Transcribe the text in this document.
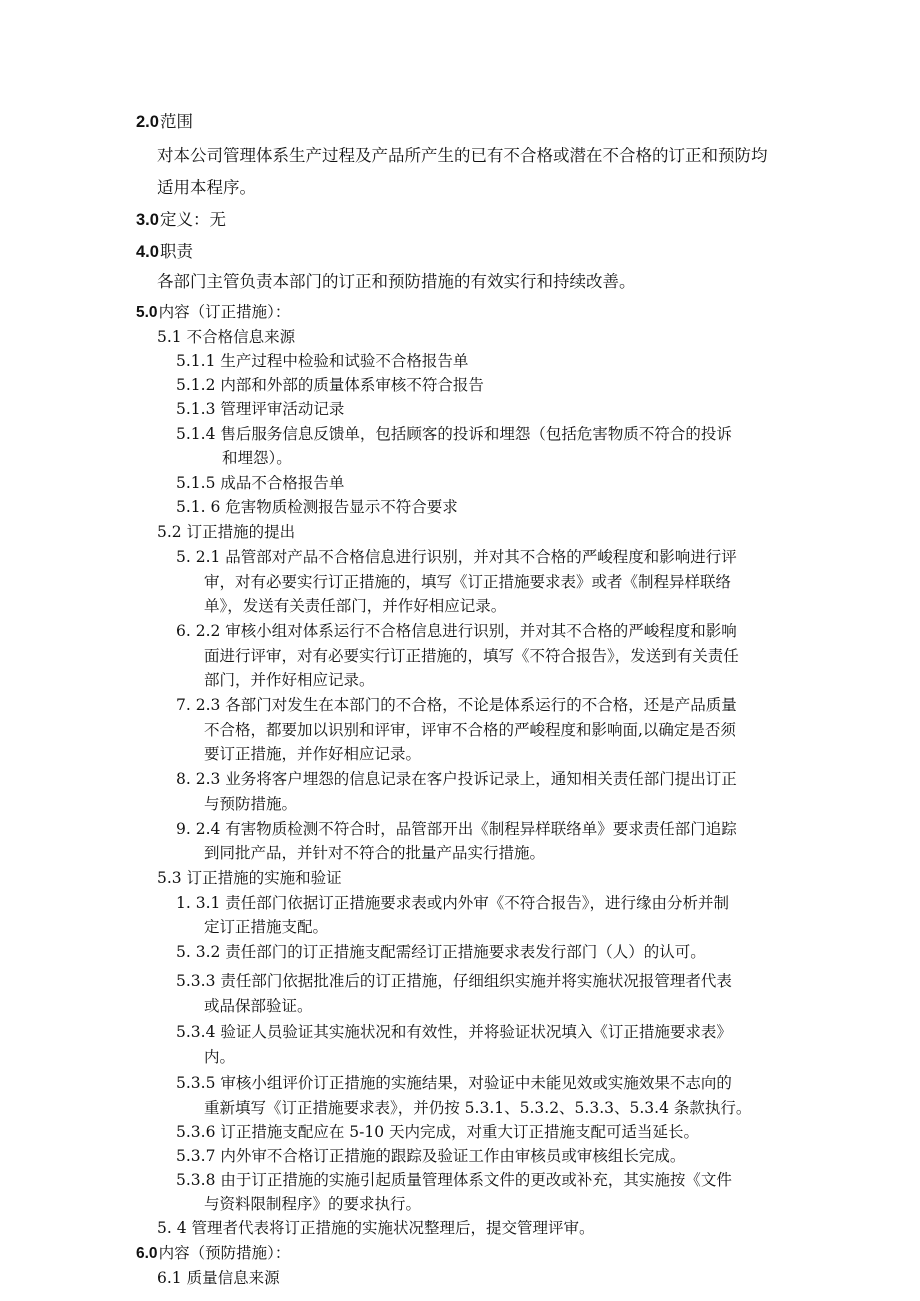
2.0范围
对本公司管理体系生产过程及产品所产生的已有不合格或潜在不合格的订正和预防均
适用本程序。
3.0定义：无
4.0职责
各部门主管负责本部门的订正和预防措施的有效实行和持续改善。
5.0内容（订正措施）：
5.1 不合格信息来源
5.1.1 生产过程中检验和试验不合格报告单
5.1.2 内部和外部的质量体系审核不符合报告
5.1.3 管理评审活动记录
5.1.4 售后服务信息反馈单，包括顾客的投诉和埋怨（包括危害物质不符合的投诉
和埋怨）。
5.1.5 成品不合格报告单
5.1. 6 危害物质检测报告显示不符合要求
5.2 订正措施的提出
5. 2.1 品管部对产品不合格信息进行识别，并对其不合格的严峻程度和影响进行评
审，对有必要实行订正措施的，填写《订正措施要求表》或者《制程异样联络
单》，发送有关责任部门，并作好相应记录。
6. 2.2 审核小组对体系运行不合格信息进行识别，并对其不合格的严峻程度和影响
面进行评审，对有必要实行订正措施的，填写《不符合报告》，发送到有关责任
部门，并作好相应记录。
7. 2.3 各部门对发生在本部门的不合格，不论是体系运行的不合格，还是产品质量
不合格，都要加以识别和评审，评审不合格的严峻程度和影响面,以确定是否须
要订正措施，并作好相应记录。
8. 2.3 业务将客户埋怨的信息记录在客户投诉记录上，通知相关责任部门提出订正
与预防措施。
9. 2.4 有害物质检测不符合时，品管部开出《制程异样联络单》要求责任部门追踪
到同批产品，并针对不符合的批量产品实行措施。
5.3 订正措施的实施和验证
1. 3.1 责任部门依据订正措施要求表或内外审《不符合报告》，进行缘由分析并制
定订正措施支配。
5. 3.2 责任部门的订正措施支配需经订正措施要求表发行部门（人）的认可。
5.3.3 责任部门依据批准后的订正措施，仔细组织实施并将实施状况报管理者代表
或品保部验证。
5.3.4 验证人员验证其实施状况和有效性，并将验证状况填入《订正措施要求表》
内。
5.3.5 审核小组评价订正措施的实施结果，对验证中未能见效或实施效果不志向的
重新填写《订正措施要求表》，并仍按 5.3.1、5.3.2、5.3.3、5.3.4 条款执行。
5.3.6 订正措施支配应在 5-10 天内完成，对重大订正措施支配可适当延长。
5.3.7 内外审不合格订正措施的跟踪及验证工作由审核员或审核组长完成。
5.3.8 由于订正措施的实施引起质量管理体系文件的更改或补充，其实施按《文件
与资料限制程序》的要求执行。
5. 4 管理者代表将订正措施的实施状况整理后，提交管理评审。
6.0内容（预防措施）：
6.1 质量信息来源
